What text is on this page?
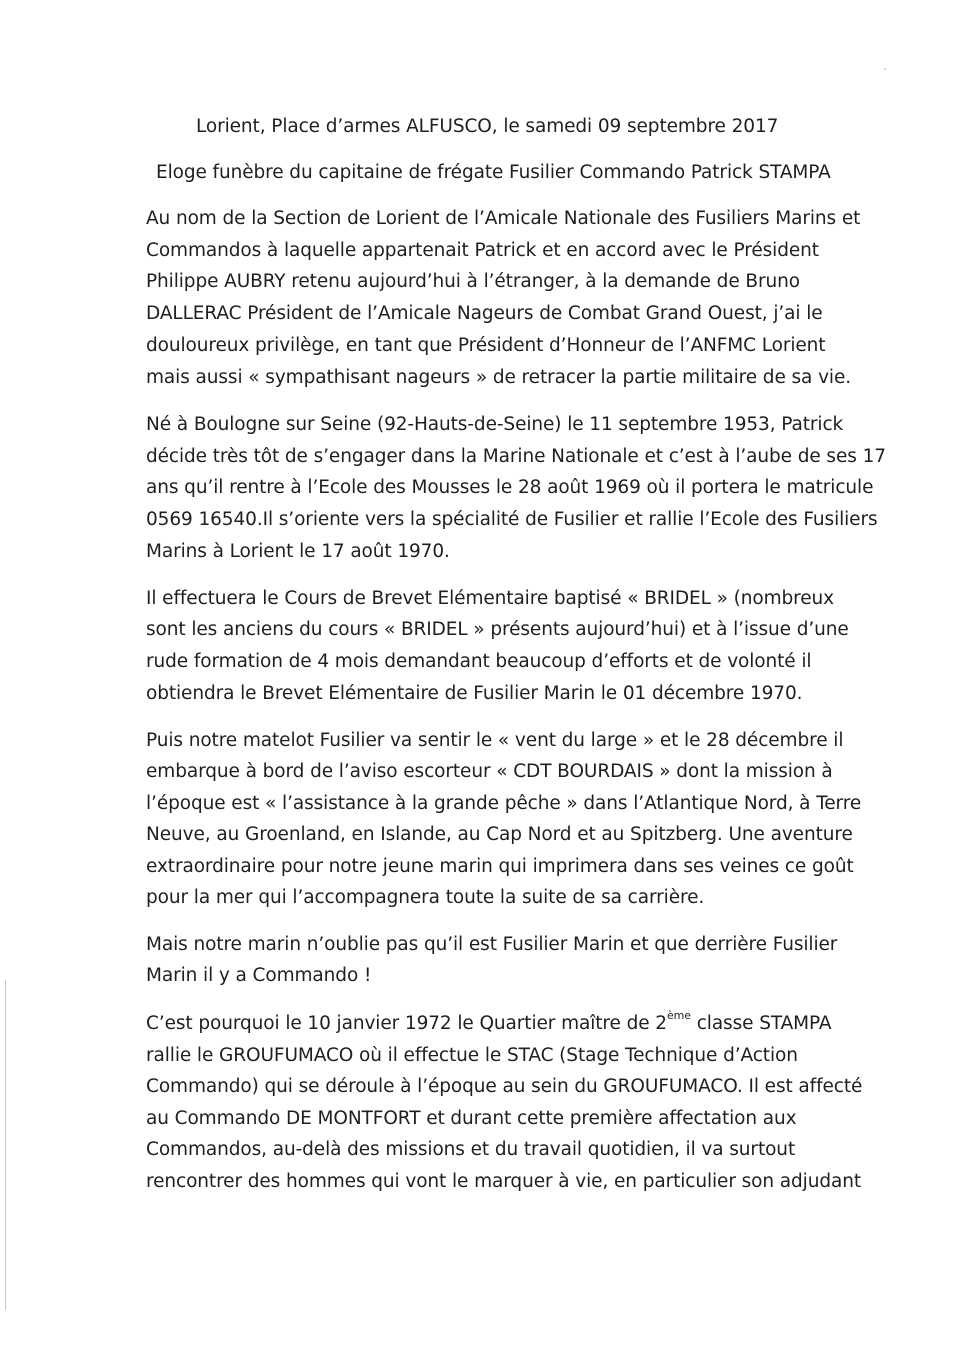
Lorient, Place d’armes ALFUSCO, le samedi 09 septembre 2017
Eloge funèbre du capitaine de frégate Fusilier Commando Patrick STAMPA
Au nom de la Section de Lorient de l’Amicale Nationale des Fusiliers Marins et
Commandos à laquelle appartenait Patrick et en accord avec le Président
Philippe AUBRY retenu aujourd’hui à l’étranger, à la demande de Bruno
DALLERAC Président de l’Amicale Nageurs de Combat Grand Ouest, j’ai le
douloureux privilège, en tant que Président d’Honneur de l’ANFMC Lorient
mais aussi « sympathisant nageurs » de retracer la partie militaire de sa vie.
Né à Boulogne sur Seine (92-Hauts-de-Seine) le 11 septembre 1953, Patrick
décide très tôt de s’engager dans la Marine Nationale et c’est à l’aube de ses 17
ans qu’il rentre à l’Ecole des Mousses le 28 août 1969 où il portera le matricule
0569 16540.Il s’oriente vers la spécialité de Fusilier et rallie l’Ecole des Fusiliers
Marins à Lorient le 17 août 1970.
Il effectuera le Cours de Brevet Elémentaire baptisé « BRIDEL » (nombreux
sont les anciens du cours « BRIDEL » présents aujourd’hui) et à l’issue d’une
rude formation de 4 mois demandant beaucoup d’efforts et de volonté il
obtiendra le Brevet Elémentaire de Fusilier Marin le 01 décembre 1970.
Puis notre matelot Fusilier va sentir le « vent du large » et le 28 décembre il
embarque à bord de l’aviso escorteur « CDT BOURDAIS » dont la mission à
l’époque est « l’assistance à la grande pêche » dans l’Atlantique Nord, à Terre
Neuve, au Groenland, en Islande, au Cap Nord et au Spitzberg. Une aventure
extraordinaire pour notre jeune marin qui imprimera dans ses veines ce goût
pour la mer qui l’accompagnera toute la suite de sa carrière.
Mais notre marin n’oublie pas qu’il est Fusilier Marin et que derrière Fusilier
Marin il y a Commando !
C’est pourquoi le 10 janvier 1972 le Quartier maître de 2ème classe STAMPA
rallie le GROUFUMACO où il effectue le STAC (Stage Technique d’Action
Commando) qui se déroule à l’époque au sein du GROUFUMACO. Il est affecté
au Commando DE MONTFORT et durant cette première affectation aux
Commandos, au-delà des missions et du travail quotidien, il va surtout
rencontrer des hommes qui vont le marquer à vie, en particulier son adjudant
